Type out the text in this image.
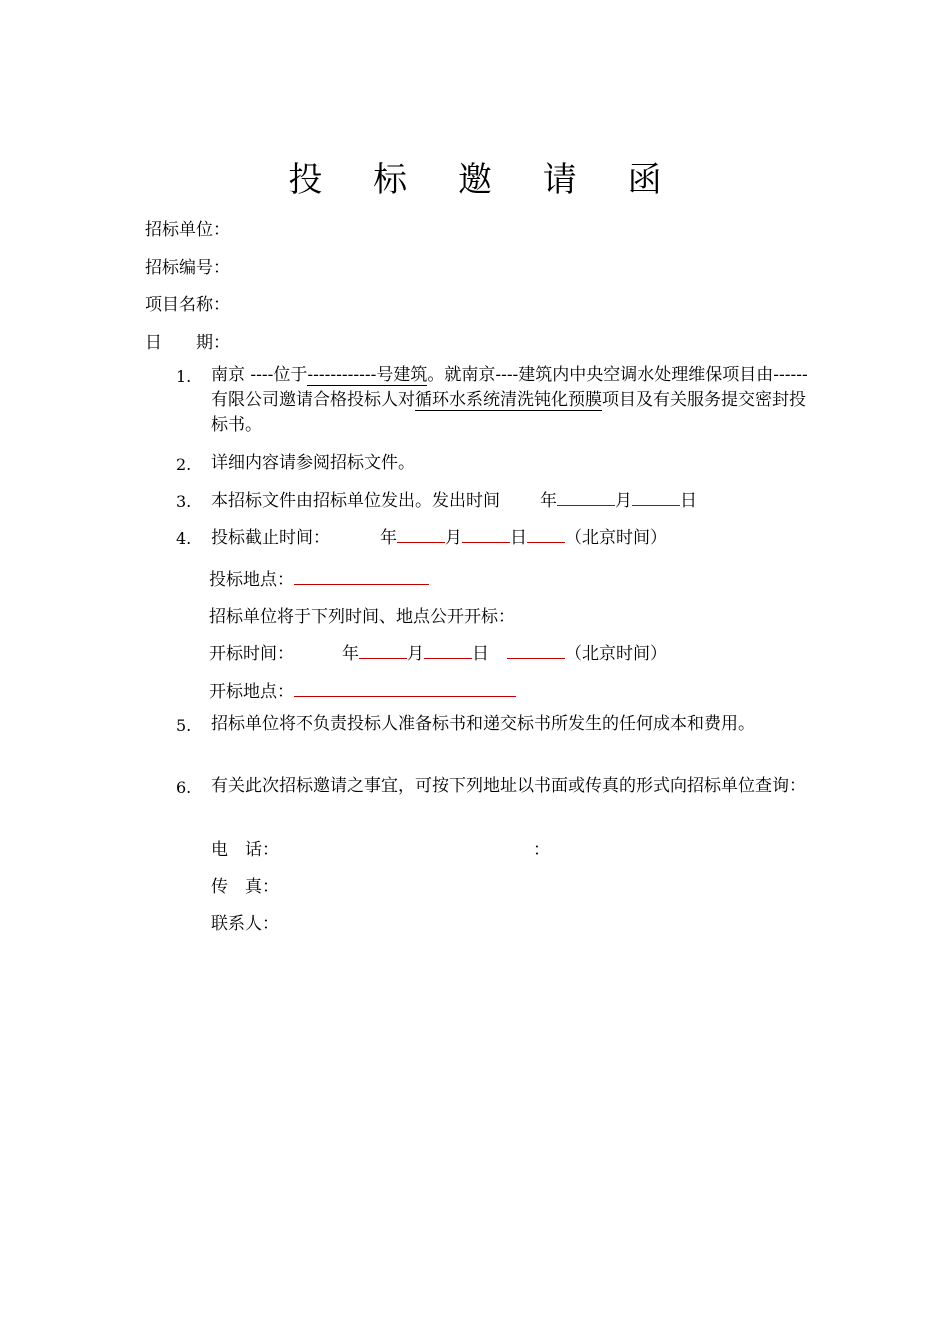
投 标 邀 请 函
招标单位：
招标编号：
项目名称：
日　　期：
1.	南京 ----位于------------号建筑。就南京----建筑内中央空调水处理维保项目由------有限公司邀请合格投标人对循环水系统清洗钝化预膜项目及有关服务提交密封投标书。
2.	详细内容请参阅招标文件。
3.	本招标文件由招标单位发出。发出时间 年	月	日
4.	投标截止时间：	年	月	日 （北京时间）
投标地点：
招标单位将于下列时间、地点公开开标：
开标时间：	年	月	日	（北京时间）
开标地点：
5.	招标单位将不负责投标人准备标书和递交标书所发生的任何成本和费用。
6.	有关此次招标邀请之事宜，可按下列地址以书面或传真的形式向招标单位查询：
电　话：	：
传　真：
联系人：
